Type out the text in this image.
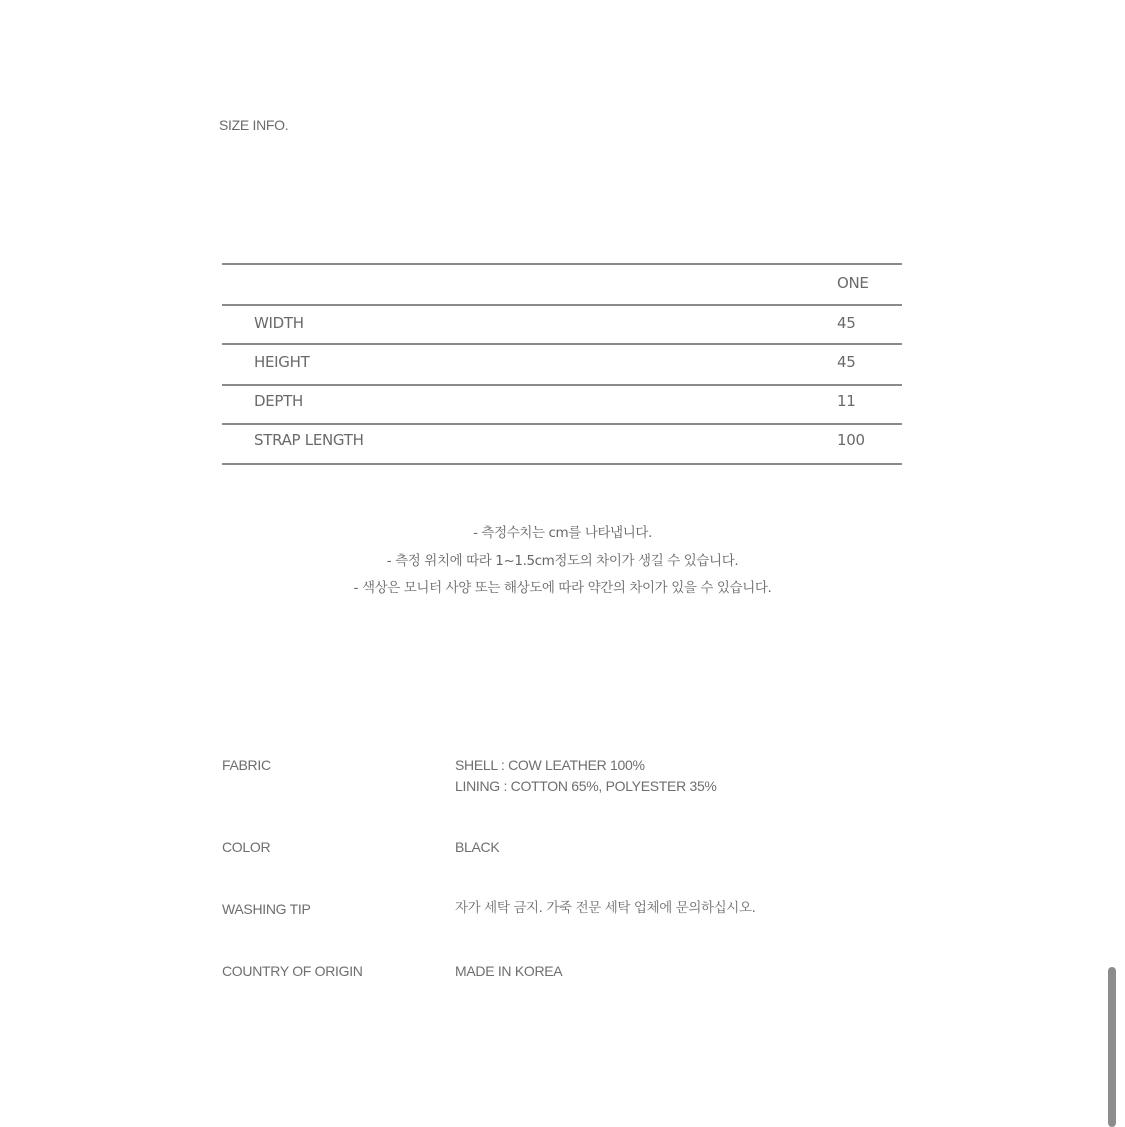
SIZE INFO.
ONE
WIDTH	45
HEIGHT	45
DEPTH	11
STRAP LENGTH	100
- 측정수치는 cm를 나타냅니다.
- 측정 위치에 따라 1~1.5cm정도의 차이가 생길 수 있습니다.
- 색상은 모니터 사양 또는 해상도에 따라 약간의 차이가 있을 수 있습니다.
FABRIC	SHELL : COW LEATHER 100%
LINING : COTTON 65%, POLYESTER 35%
COLOR	BLACK
WASHING TIP	자가 세탁 금지. 가죽 전문 세탁 업체에 문의하십시오.
COUNTRY OF ORIGIN	MADE IN KOREA
